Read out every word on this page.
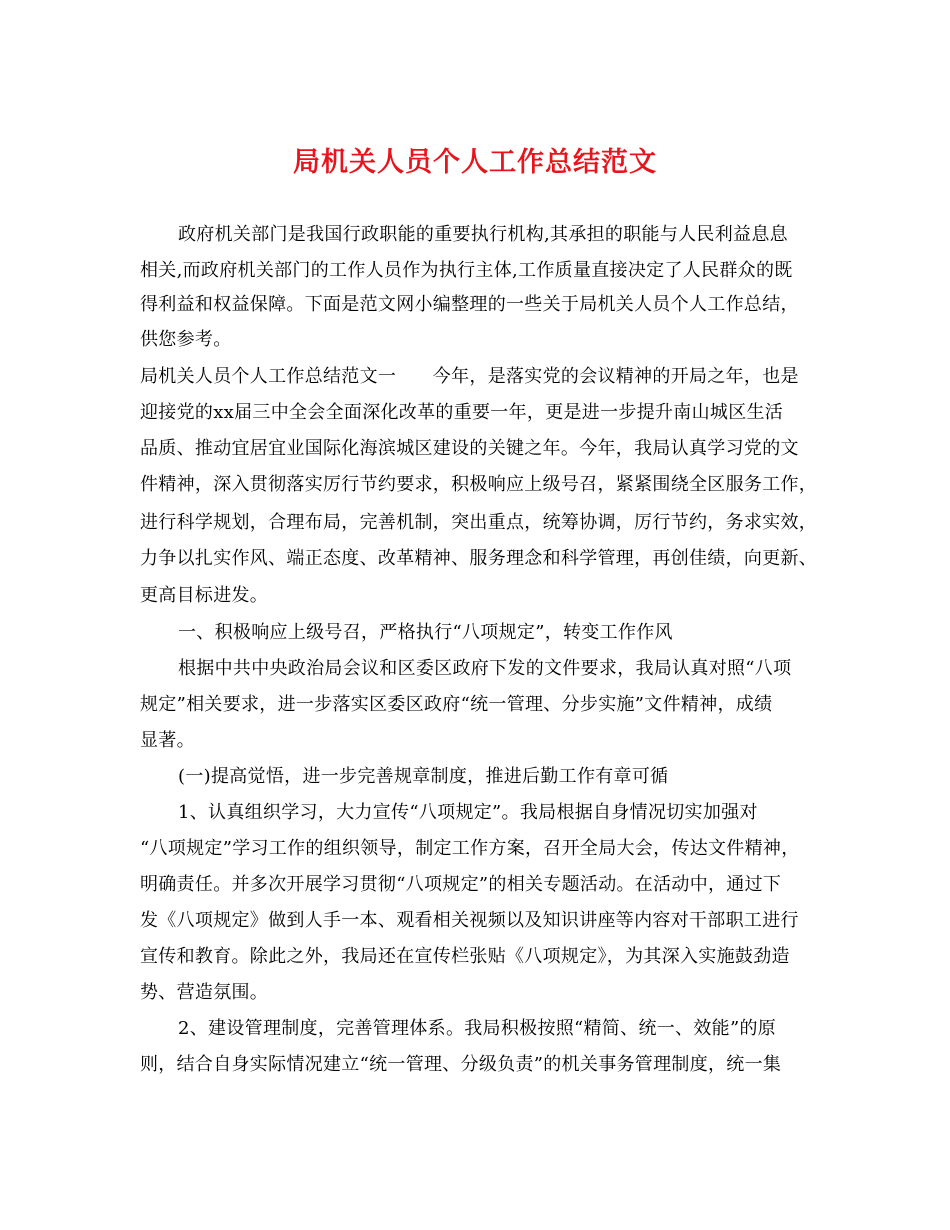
局机关人员个人工作总结范文
政府机关部门是我国行政职能的重要执行机构,其承担的职能与人民利益息息
相关,而政府机关部门的工作人员作为执行主体,工作质量直接决定了人民群众的既
得利益和权益保障。下面是范文网小编整理的一些关于局机关人员个人工作总结，
供您参考。
局机关人员个人工作总结范文一　　今年，是落实党的会议精神的开局之年，也是
迎接党的xx届三中全会全面深化改革的重要一年，更是进一步提升南山城区生活
品质、推动宜居宜业国际化海滨城区建设的关键之年。今年，我局认真学习党的文
件精神，深入贯彻落实厉行节约要求，积极响应上级号召，紧紧围绕全区服务工作，
进行科学规划，合理布局，完善机制，突出重点，统筹协调，厉行节约，务求实效，
力争以扎实作风、端正态度、改革精神、服务理念和科学管理，再创佳绩，向更新、
更高目标进发。
一、积极响应上级号召，严格执行“八项规定”，转变工作作风
根据中共中央政治局会议和区委区政府下发的文件要求，我局认真对照“八项
规定”相关要求，进一步落实区委区政府“统一管理、分步实施”文件精神，成绩
显著。
(一)提高觉悟，进一步完善规章制度，推进后勤工作有章可循
1、认真组织学习，大力宣传“八项规定”。我局根据自身情况切实加强对
“八项规定”学习工作的组织领导，制定工作方案，召开全局大会，传达文件精神，
明确责任。并多次开展学习贯彻“八项规定”的相关专题活动。在活动中，通过下
发《八项规定》做到人手一本、观看相关视频以及知识讲座等内容对干部职工进行
宣传和教育。除此之外，我局还在宣传栏张贴《八项规定》，为其深入实施鼓劲造
势、营造氛围。
2、建设管理制度，完善管理体系。我局积极按照“精简、统一、效能”的原
则，结合自身实际情况建立“统一管理、分级负责”的机关事务管理制度，统一集
